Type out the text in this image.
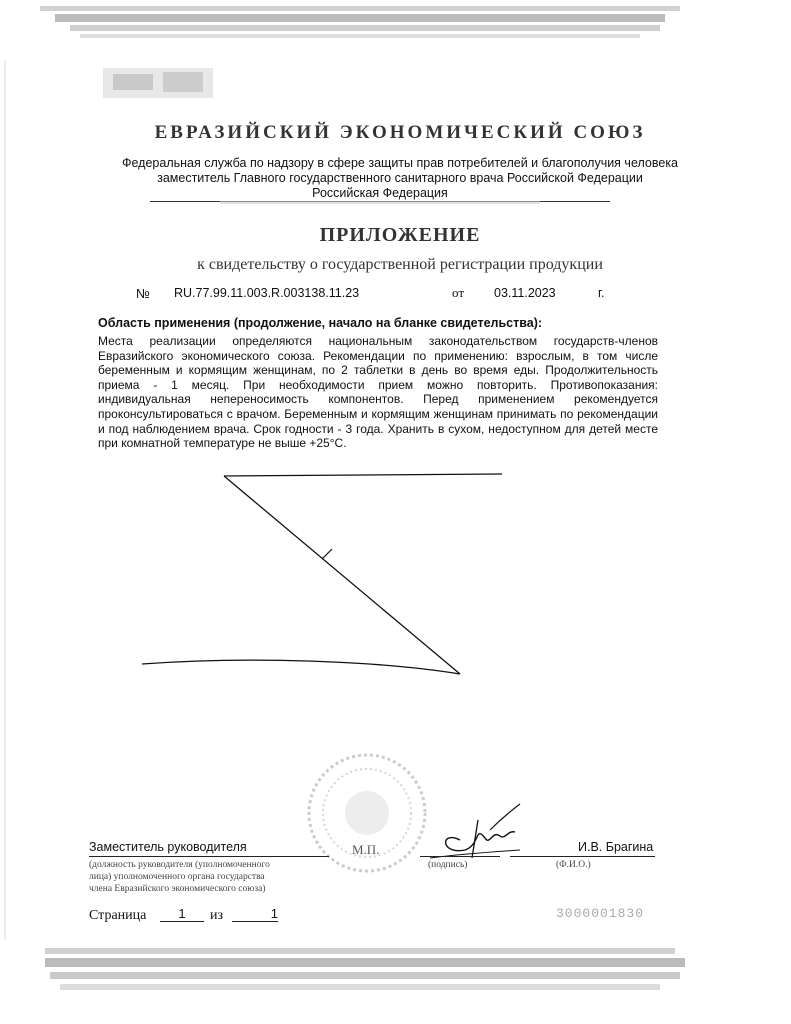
ЕВРАЗИЙСКИЙ ЭКОНОМИЧЕСКИЙ СОЮЗ
Федеральная служба по надзору в сфере защиты прав потребителей и благополучия человека
заместитель Главного государственного санитарного врача Российской Федерации
Российская Федерация
ПРИЛОЖЕНИЕ
к свидетельству о государственной регистрации продукции
№ RU.77.99.11.003.R.003138.11.23	от 03.11.2023	г.
Область применения (продолжение, начало на бланке свидетельства):
Места реализации определяются национальным законодательством государств-членов Евразийского экономического союза. Рекомендации по применению: взрослым, в том числе беременным и кормящим женщинам, по 2 таблетки в день во время еды. Продолжительность приема - 1 месяц. При необходимости прием можно повторить. Противопоказания: индивидуальная непереносимость компонентов. Перед применением рекомендуется проконсультироваться с врачом. Беременным и кормящим женщинам принимать по рекомендации и под наблюдением врача. Срок годности - 3 года. Хранить в сухом, недоступном для детей месте при комнатной температуре не выше +25°С.
Заместитель руководителя	М.П.	И.В. Брагина
(должность руководителя (уполномоченного
лица) уполномоченного органа государства
члена Евразийского экономического союза)
(подпись)	(Ф.И.О.)
Страница	1	из	1	3000001830
